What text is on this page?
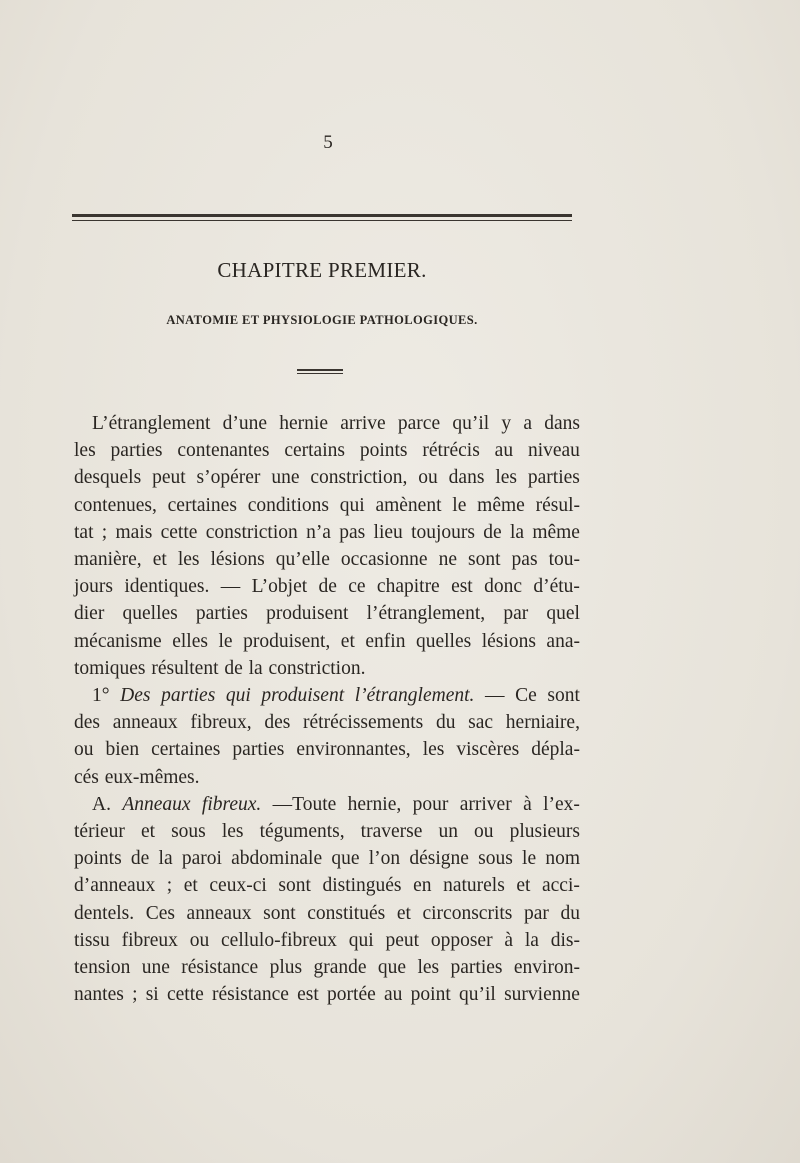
5
CHAPITRE PREMIER.
ANATOMIE ET PHYSIOLOGIE PATHOLOGIQUES.
L’étranglement d’une hernie arrive parce qu’il y a dans
les parties contenantes certains points rétrécis au niveau
desquels peut s’opérer une constriction, ou dans les parties
contenues, certaines conditions qui amènent le même résul-
tat ; mais cette constriction n’a pas lieu toujours de la même
manière, et les lésions qu’elle occasionne ne sont pas tou-
jours identiques. — L’objet de ce chapitre est donc d’étu-
dier quelles parties produisent l’étranglement, par quel
mécanisme elles le produisent, et enfin quelles lésions ana-
tomiques résultent de la constriction.
1° Des parties qui produisent l’étranglement. — Ce sont
des anneaux fibreux, des rétrécissements du sac herniaire,
ou bien certaines parties environnantes, les viscères dépla-
cés eux-mêmes.
A. Anneaux fibreux. —Toute hernie, pour arriver à l’ex-
térieur et sous les téguments, traverse un ou plusieurs
points de la paroi abdominale que l’on désigne sous le nom
d’anneaux ; et ceux-ci sont distingués en naturels et acci-
dentels. Ces anneaux sont constitués et circonscrits par du
tissu fibreux ou cellulo-fibreux qui peut opposer à la dis-
tension une résistance plus grande que les parties environ-
nantes ; si cette résistance est portée au point qu’il survienne
